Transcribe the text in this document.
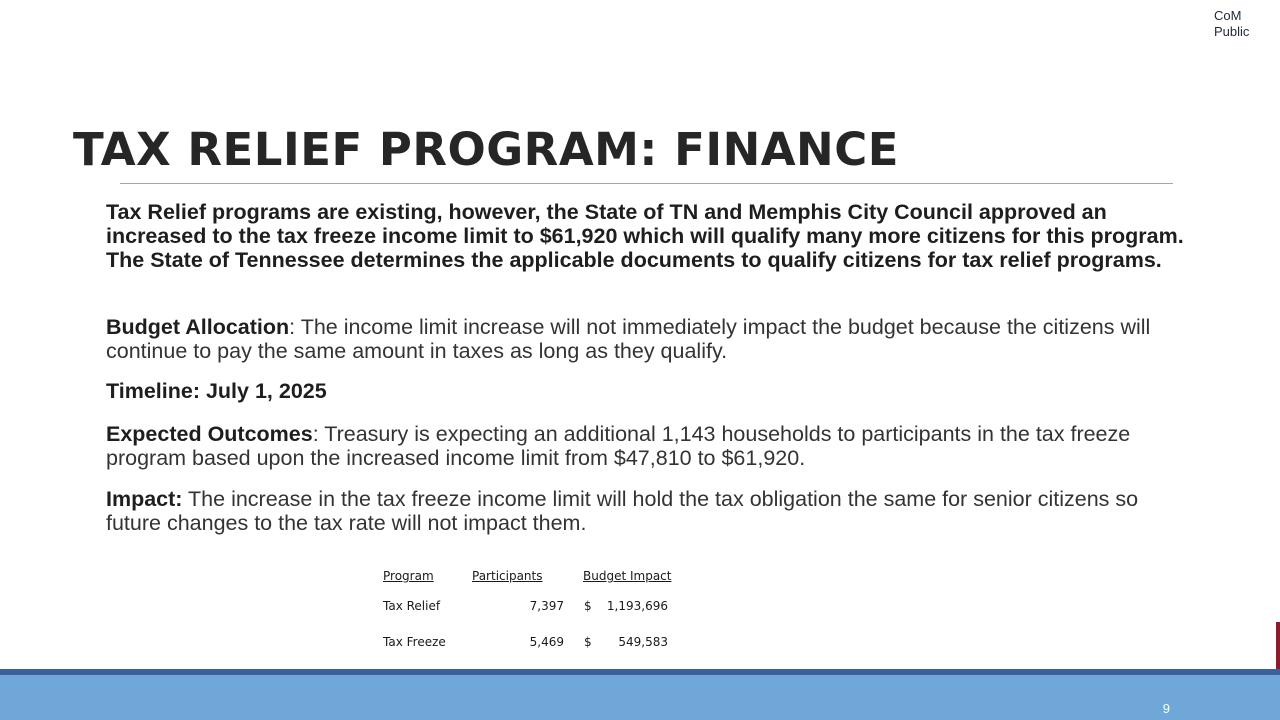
CoM
Public
TAX RELIEF PROGRAM: FINANCE
Tax Relief programs are existing, however, the State of TN and Memphis City Council approved an increased to the tax freeze income limit to $61,920 which will qualify many more citizens for this program. The State of Tennessee determines the applicable documents to qualify citizens for tax relief programs.
Budget Allocation: The income limit increase will not immediately impact the budget because the citizens will continue to pay the same amount in taxes as long as they qualify.
Timeline: July 1, 2025
Expected Outcomes: Treasury is expecting an additional 1,143 households to participants in the tax freeze program based upon the increased income limit from $47,810 to $61,920.
Impact: The increase in the tax freeze income limit will hold the tax obligation the same for senior citizens so future changes to the tax rate will not impact them.
Program	Participants	Budget Impact
Tax Relief	7,397	$ 1,193,696
Tax Freeze	5,469	$ 549,583
9
